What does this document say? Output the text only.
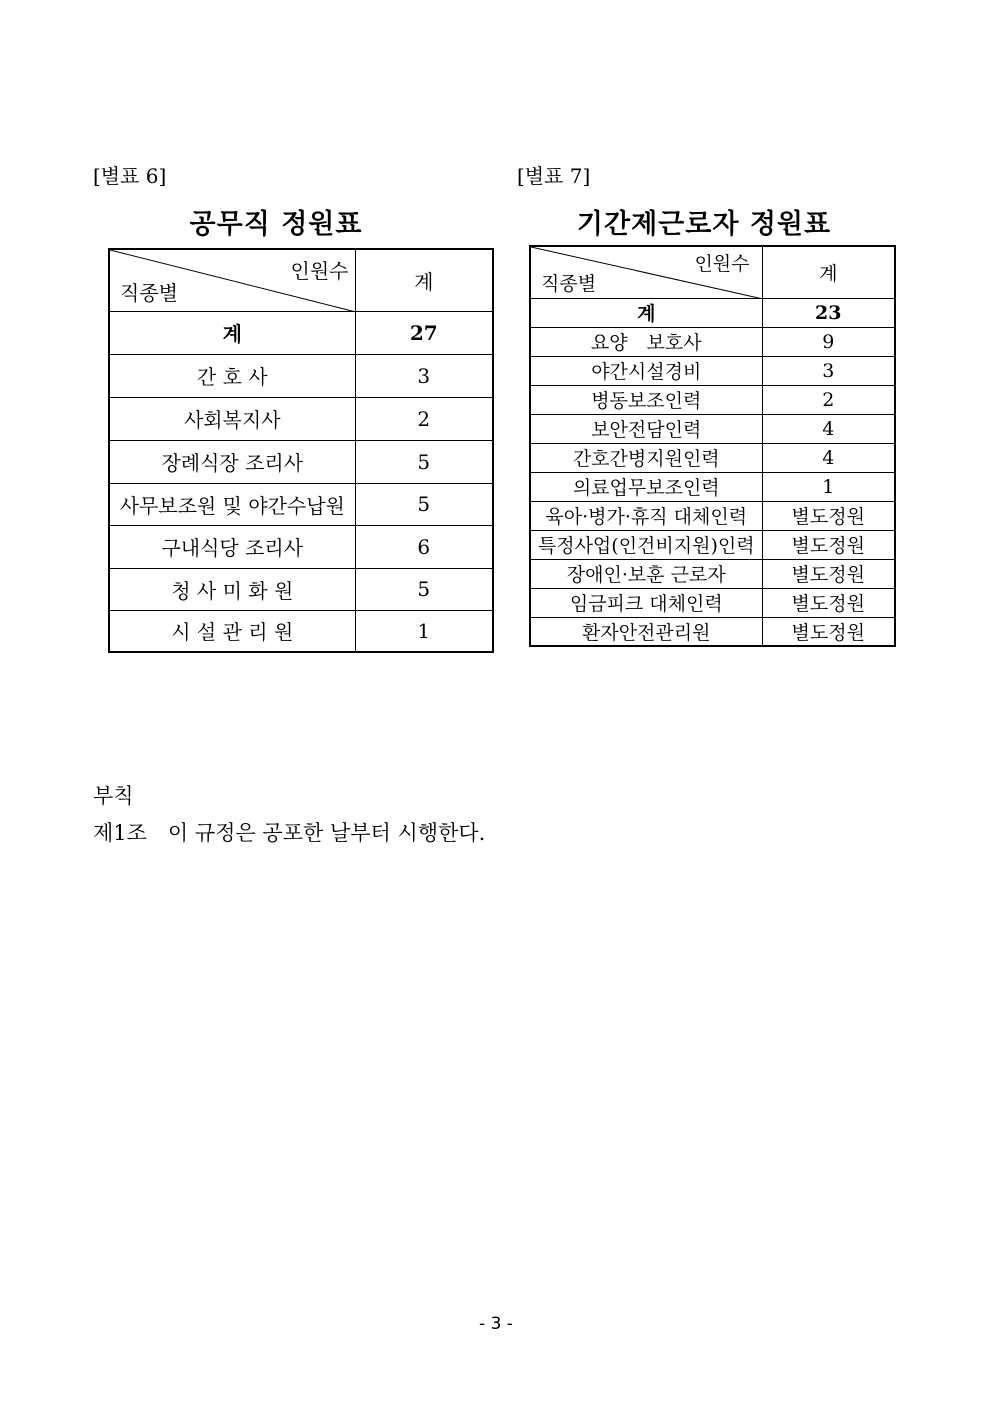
[별표 6]
공무직 정원표
인원수
직종별	계
계	27
간 호 사	3
사회복지사	2
장례식장 조리사	5
사무보조원 및 야간수납원	5
구내식당 조리사	6
청 사 미 화 원	5
시 설 관 리 원	1
[별표 7]
기간제근로자 정원표
인원수
직종별	계
계	23
요양　보호사	9
야간시설경비	3
병동보조인력	2
보안전담인력	4
간호간병지원인력	4
의료업무보조인력	1
육아·병가·휴직 대체인력	별도정원
특정사업(인건비지원)인력	별도정원
장애인·보훈 근로자	별도정원
임금피크 대체인력	별도정원
환자안전관리원	별도정원
부칙
제1조　이 규정은 공포한 날부터 시행한다.
- 3 -
